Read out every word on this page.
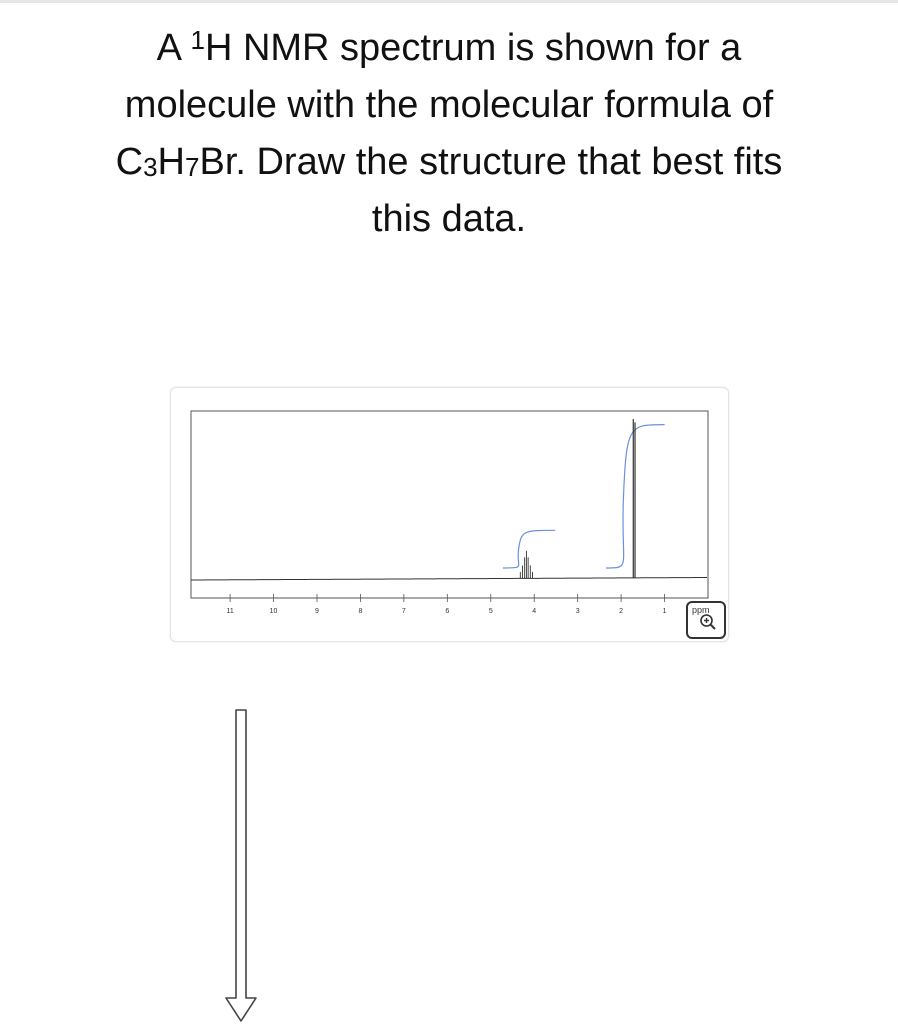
A $^1$H NMR spectrum is shown for a
molecule with the molecular formula of
$C_3H_7Br$. Draw the structure that best fits
this data.
11	10	9	8	7	6	5	4	3	2	1	ppm
